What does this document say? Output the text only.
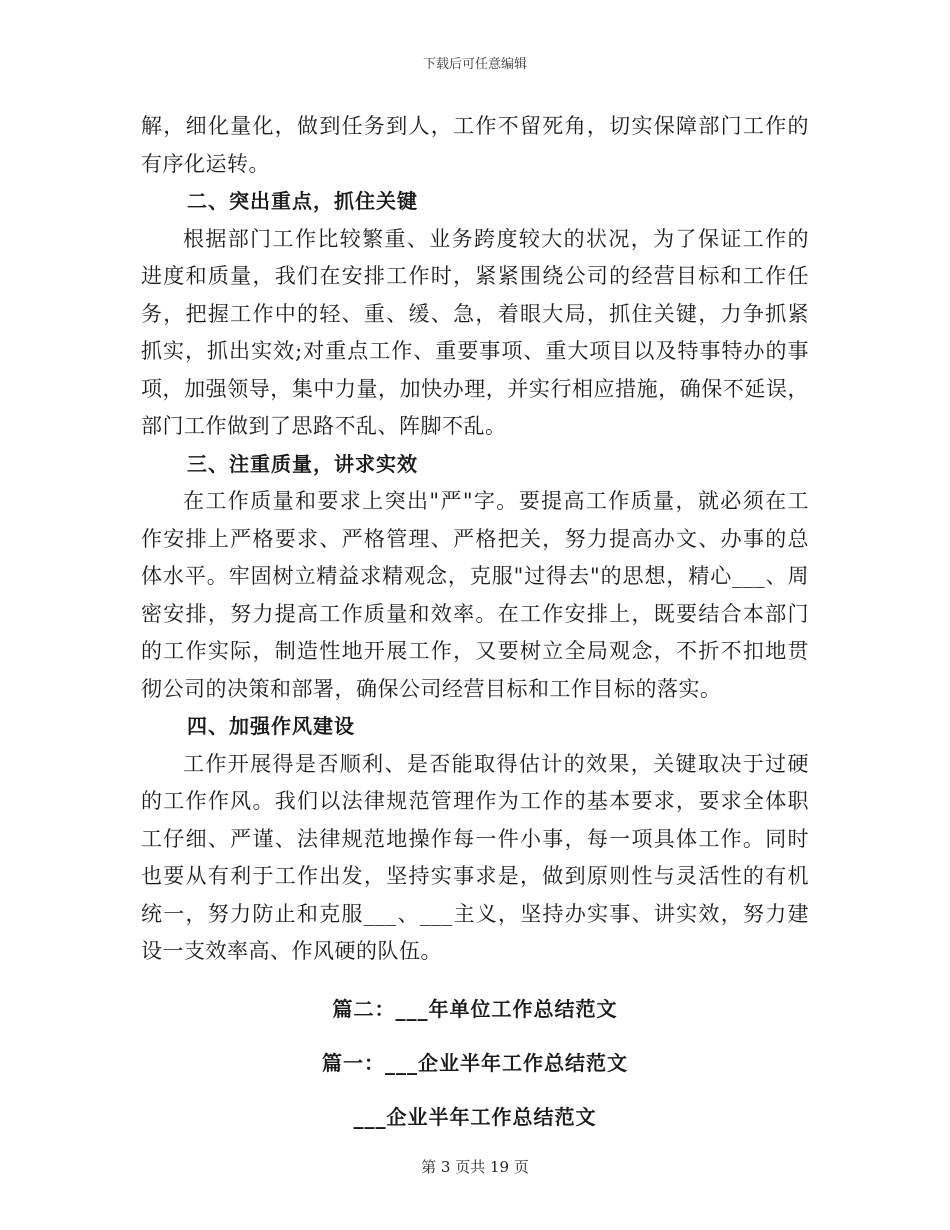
下载后可任意编辑
解，细化量化，做到任务到人，工作不留死角，切实保障部门工作的
有序化运转。
二、突出重点，抓住关键
根据部门工作比较繁重、业务跨度较大的状况，为了保证工作的
进度和质量，我们在安排工作时，紧紧围绕公司的经营目标和工作任
务，把握工作中的轻、重、缓、急，着眼大局，抓住关键，力争抓紧
抓实，抓出实效;对重点工作、重要事项、重大项目以及特事特办的事
项，加强领导，集中力量，加快办理，并实行相应措施，确保不延误，
部门工作做到了思路不乱、阵脚不乱。
三、注重质量，讲求实效
在工作质量和要求上突出"严"字。要提高工作质量，就必须在工
作安排上严格要求、严格管理、严格把关，努力提高办文、办事的总
体水平。牢固树立精益求精观念，克服"过得去"的思想，精心___、周
密安排，努力提高工作质量和效率。在工作安排上，既要结合本部门
的工作实际，制造性地开展工作，又要树立全局观念，不折不扣地贯
彻公司的决策和部署，确保公司经营目标和工作目标的落实。
四、加强作风建设
工作开展得是否顺利、是否能取得估计的效果，关键取决于过硬
的工作作风。我们以法律规范管理作为工作的基本要求，要求全体职
工仔细、严谨、法律规范地操作每一件小事，每一项具体工作。同时
也要从有利于工作出发，坚持实事求是，做到原则性与灵活性的有机
统一，努力防止和克服___、___主义，坚持办实事、讲实效，努力建
设一支效率高、作风硬的队伍。
篇二：___年单位工作总结范文
篇一：___企业半年工作总结范文
___企业半年工作总结范文
第 3 页共 19 页
